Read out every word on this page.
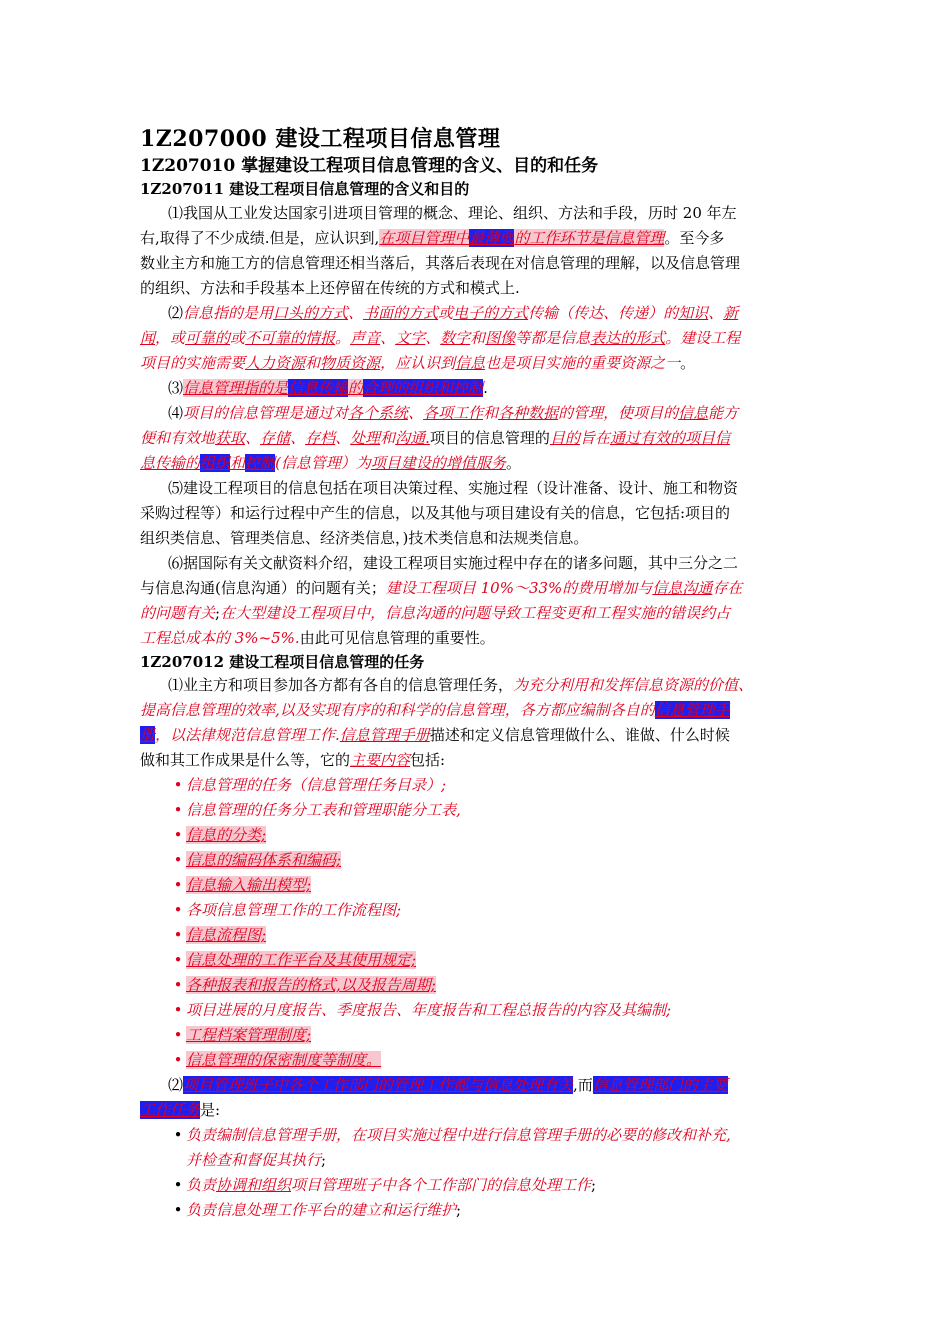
1Z207000 建设工程项目信息管理
1Z207010 掌握建设工程项目信息管理的含义、目的和任务
1Z207011 建设工程项目信息管理的含义和目的
⑴我国从工业发达国家引进项目管理的概念、理论、组织、方法和手段，历时 20 年左
右,取得了不少成绩.但是，应认识到,在项目管理中最薄弱的工作环节是信息管理。至今多
数业主方和施工方的信息管理还相当落后，其落后表现在对信息管理的理解，以及信息管理
的组织、方法和手段基本上还停留在传统的方式和模式上.
⑵信息指的是用口头的方式、书面的方式或电子的方式传输（传达、传递）的知识、新
闻，或可靠的或不可靠的情报。声音、文字、数字和图像等都是信息表达的形式。建设工程
项目的实施需要人力资源和物质资源，应认识到信息也是项目实施的重要资源之一。
⑶信息管理指的是信息传输的合理的组织和控制.
⑷项目的信息管理是通过对各个系统、各项工作和各种数据的管理，使项目的信息能方
便和有效地获取、存储、存档、处理和沟通.项目的信息管理的目的旨在通过有效的项目信
息传输的组织和控制(信息管理）为项目建设的增值服务。
⑸建设工程项目的信息包括在项目决策过程、实施过程（设计准备、设计、施工和物资
采购过程等）和运行过程中产生的信息，以及其他与项目建设有关的信息，它包括:项目的
组织类信息、管理类信息、经济类信息，)技术类信息和法规类信息。
⑹据国际有关文献资料介绍，建设工程项目实施过程中存在的诸多问题，其中三分之二
与信息沟通(信息沟通）的问题有关；建设工程项目 10%～33%的费用增加与信息沟通存在
的问题有关;在大型建设工程项目中，信息沟通的问题导致工程变更和工程实施的错误约占
工程总成本的 3%~5%.由此可见信息管理的重要性。
1Z207012 建设工程项目信息管理的任务
⑴业主方和项目参加各方都有各自的信息管理任务，为充分利用和发挥信息资源的价值、
提高信息管理的效率,以及实现有序的和科学的信息管理，各方都应编制各自的信息管理手
册，以法律规范信息管理工作.信息管理手册描述和定义信息管理做什么、谁做、什么时候
做和其工作成果是什么等，它的主要内容包括:
• 信息管理的任务（信息管理任务目录）;
• 信息管理的任务分工表和管理职能分工表,
• 信息的分类;
• 信息的编码体系和编码;
• 信息输入输出模型;
• 各项信息管理工作的工作流程图;
• 信息流程图;
• 信息处理的工作平台及其使用规定;
• 各种报表和报告的格式,以及报告周期;
• 项目进展的月度报告、季度报告、年度报告和工程总报告的内容及其编制;
• 工程档案管理制度;
• 信息管理的保密制度等制度。
⑵项目管理班子中各个工作部门的管理工作都与信息处理有关,而信息管理部门的主要
工作任务是:
• 负责编制信息管理手册，在项目实施过程中进行信息管理手册的必要的修改和补充,
并检查和督促其执行;
• 负责协调和组织项目管理班子中各个工作部门的信息处理工作;
• 负责信息处理工作平台的建立和运行维护;
